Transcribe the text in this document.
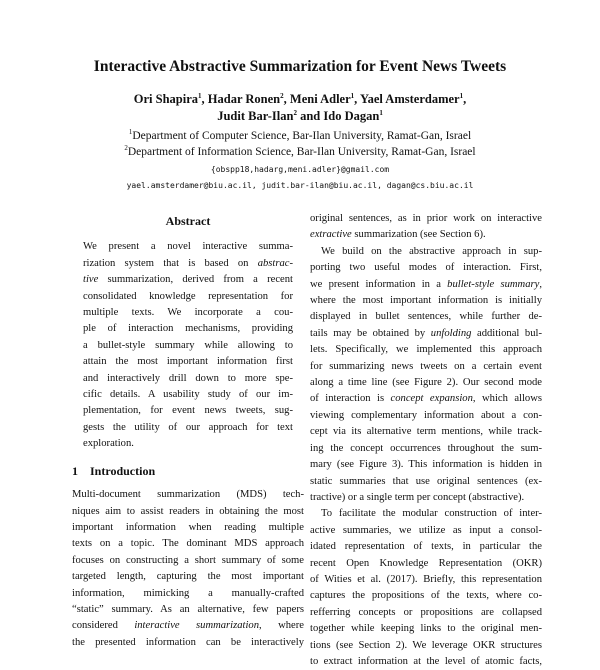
Interactive Abstractive Summarization for Event News Tweets
Ori Shapira$^1$, Hadar Ronen$^2$, Meni Adler$^1$, Yael Amsterdamer$^1$,
Judit Bar-Ilan$^2$ and Ido Dagan$^1$
$^1$Department of Computer Science, Bar-Ilan University, Ramat-Gan, Israel
$^2$Department of Information Science, Bar-Ilan University, Ramat-Gan, Israel
{obspp18,hadarg,meni.adler}@gmail.com
yael.amsterdamer@biu.ac.il, judit.bar-ilan@biu.ac.il, dagan@cs.biu.ac.il
Abstract

We present a novel interactive summa-
rization system that is based on abstrac-
tive summarization, derived from a recent
consolidated knowledge representation for
multiple texts. We incorporate a cou-
ple of interaction mechanisms, providing
a bullet-style summary while allowing to
attain the most important information first
and interactively drill down to more spe-
cific details. A usability study of our im-
plementation, for event news tweets, sug-
gests the utility of our approach for text
exploration.

1 Introduction

Multi-document summarization (MDS) tech-
niques aim to assist readers in obtaining the most
important information when reading multiple
texts on a topic. The dominant MDS approach
focuses on constructing a short summary of some
targeted length, capturing the most important
information, mimicking a manually-crafted
“static” summary. As an alternative, few papers
considered interactive summarization, where
the presented information can be interactively

original sentences, as in prior work on interactive
extractive summarization (see Section 6).

We build on the abstractive approach in sup-
porting two useful modes of interaction. First,
we present information in a bullet-style summary,
where the most important information is initially
displayed in bullet sentences, while further de-
tails may be obtained by unfolding additional bul-
lets. Specifically, we implemented this approach
for summarizing news tweets on a certain event
along a time line (see Figure 2). Our second mode
of interaction is concept expansion, which allows
viewing complementary information about a con-
cept via its alternative term mentions, while track-
ing the concept occurrences throughout the sum-
mary (see Figure 3). This information is hidden in
static summaries that use original sentences (ex-
tractive) or a single term per concept (abstractive).

To facilitate the modular construction of inter-
active summaries, we utilize as input a consol-
idated representation of texts, in particular the
recent Open Knowledge Representation (OKR)
of Wities et al. (2017). Briefly, this representation
captures the propositions of the texts, where co-
refferring concepts or propositions are collapsed
together while keeping links to the original men-
tions (see Section 2). We leverage OKR structures
to extract information at the level of atomic facts,
